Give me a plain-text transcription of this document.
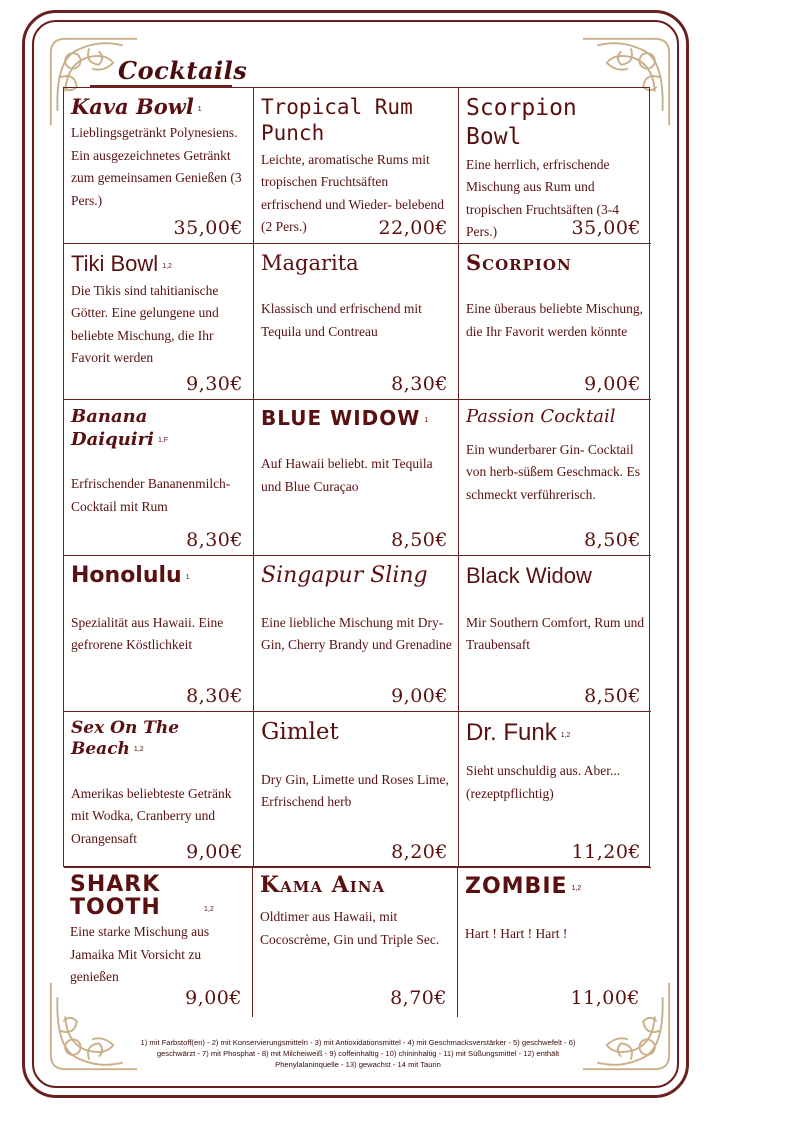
Cocktails
Kava Bowl 1
Lieblingsgetränkt Polynesiens. Ein ausgezeichnetes Getränkt zum gemeinsamen Genießen (3 Pers.)
35,00€
Tropical Rum Punch
Leichte, aromatische Rums mit tropischen Fruchtsäften erfrischend und Wieder- belebend (2 Pers.)	22,00€
Scorpion Bowl
Eine herrlich, erfrischende Mischung aus Rum und tropischen Fruchtsäften (3-4 Pers.)	35,00€
Tiki Bowl 1,2
Die Tikis sind tahitianische Götter. Eine gelungene und beliebte Mischung, die Ihr Favorit werden
9,30€
Magarita
Klassisch und erfrischend mit Tequila und Contreau
8,30€
Scorpion
Eine überaus beliebte Mischung, die Ihr Favorit werden könnte
9,00€
Banana Daiquiri 1,F
Erfrischender Bananenmilch- Cocktail mit Rum
8,30€
BLUE WIDOW 1
Auf Hawaii beliebt. mit Tequila und Blue Curaçao
8,50€
Passion Cocktail
Ein wunderbarer Gin- Cocktail von herb-süßem Geschmack. Es schmeckt verführerisch.
8,50€
Honolulu 1
Spezialität aus Hawaii. Eine gefrorene Köstlichkeit
8,30€
Singapur Sling
Eine liebliche Mischung mit Dry-Gin, Cherry Brandy und Grenadine
9,00€
Black Widow
Mir Southern Comfort, Rum und Traubensaft
8,50€
Sex On The Beach 1,2
Amerikas beliebteste Getränk mit Wodka, Cranberry und Orangensaft
9,00€
Gimlet
Dry Gin, Limette und Roses Lime, Erfrischend herb
8,20€
Dr. Funk 1,2
Sieht unschuldig aus. Aber... (rezeptpflichtig)
11,20€
SHARK TOOTH	1,2
Eine starke Mischung aus Jamaika Mit Vorsicht zu genießen
9,00€
Kama Aina
Oldtimer aus Hawaii, mit Cocoscrème, Gin und Triple Sec.
8,70€
ZOMBIE 1,2
Hart ! Hart ! Hart !
11,00€
1) mit Farbstoff(en) - 2) mit Konservierungsmitteln - 3) mit Antioxidationsmittel - 4) mit Geschmacksverstärker - 5) geschwefelt - 6) geschwärzt - 7) mit Phosphat - 8) mit Milcheiweiß - 9) coffeinhaltig - 10) chininhaltig - 11) mit Süßungsmittel - 12) enthält Phenylalaninquelle - 13) gewachst - 14 mit Taurin
